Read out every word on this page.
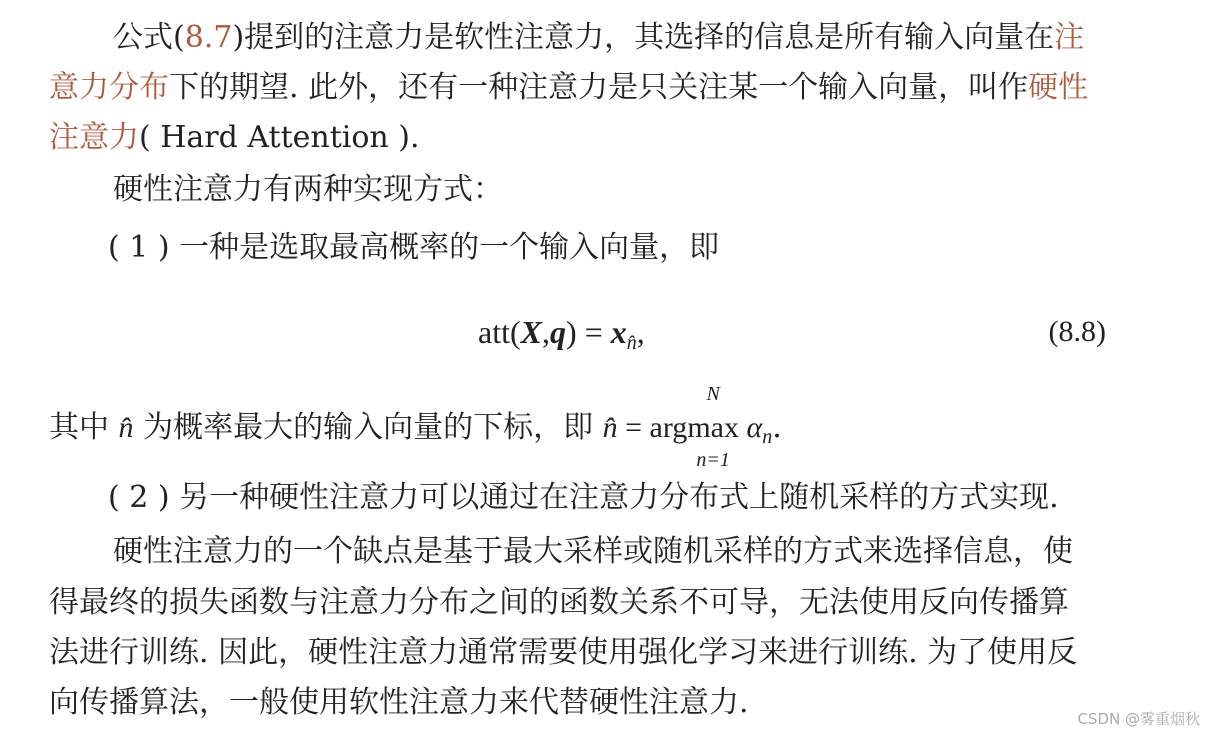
公式(8.7)提到的注意力是软性注意力，其选择的信息是所有输入向量在注
意力分布下的期望. 此外，还有一种注意力是只关注某一个输入向量，叫作硬性
注意力( Hard Attention ).
硬性注意力有两种实现方式：
( 1 ) 一种是选取最高概率的一个输入向量，即
$att(X,q) = x_{n̂}$,	(8.8)
其中 n̂ 为概率最大的输入向量的下标，即 n̂ = arg
N
max
n=1
$\alpha_n$.
( 2 ) 另一种硬性注意力可以通过在注意力分布式上随机采样的方式实现.
硬性注意力的一个缺点是基于最大采样或随机采样的方式来选择信息，使
得最终的损失函数与注意力分布之间的函数关系不可导，无法使用反向传播算
法进行训练. 因此，硬性注意力通常需要使用强化学习来进行训练. 为了使用反
向传播算法，一般使用软性注意力来代替硬性注意力.	CSDN @雾重烟秋
